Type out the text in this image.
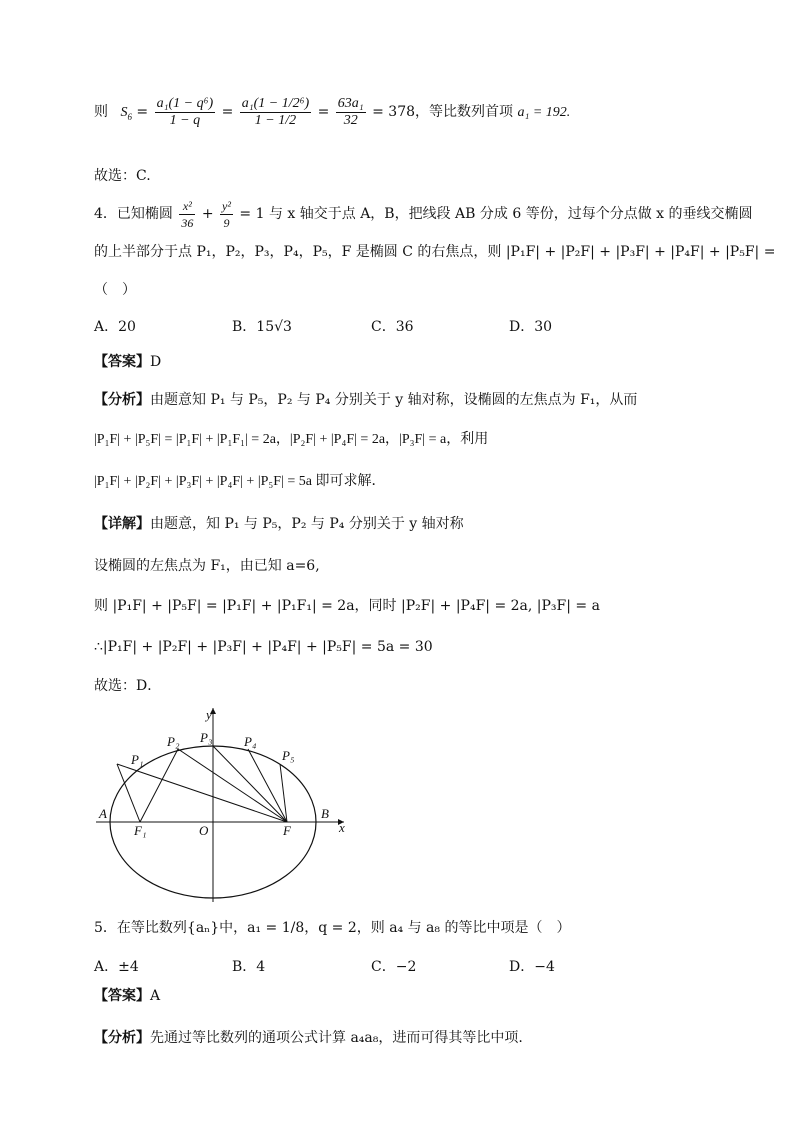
则 $S_6 = \frac{\text{a₁(1 − q⁶)}}{1 - q} = \frac{\text{a₁(1 − 1/2⁶)}}{1 - 1/2} = \frac{\text{63a₁}}{32} = 378$，等比数列首项 a₁ = 192.
故选：C.
4．已知椭圆 $\frac{\text{x²}}{36} + \frac{\text{y²}}{9} = 1$ 与 x 轴交于点 A，B，把线段 AB 分成 6 等份，过每个分点做 x 的垂线交椭圆
的上半部分于点 P₁，P₂，P₃，P₄，P₅，F 是椭圆 C 的右焦点，则 |P₁F| + |P₂F| + |P₃F| + |P₄F| + |P₅F| =
（　）
A．20	B．15√3	C．36	D．30
【答案】D
【分析】由题意知 P₁ 与 P₅，P₂ 与 P₄ 分别关于 y 轴对称，设椭圆的左焦点为 F₁，从而
|P₁F| + |P₅F| = |P₁F| + |P₁F₁| = 2a，|P₂F| + |P₄F| = 2a，|P₃F| = a，利用
|P₁F| + |P₂F| + |P₃F| + |P₄F| + |P₅F| = 5a 即可求解．
【详解】由题意，知 P₁ 与 P₅，P₂ 与 P₄ 分别关于 y 轴对称
设椭圆的左焦点为 F₁，由已知 a=6,
则 |P₁F| + |P₅F| = |P₁F| + |P₁F₁| = 2a，同时 |P₂F| + |P₄F| = 2a, |P₃F| = a
∴|P₁F| + |P₂F| + |P₃F| + |P₄F| + |P₅F| = 5a = 30
故选：D．
y
x
A	B
O	F
F₁
P₁
P₂ P₃ P₄
P₅
5．在等比数列{aₙ}中，a₁ = 1/8，q = 2，则 a₄ 与 a₈ 的等比中项是（　）
A．±4	B．4	C．−2	D．−4
【答案】A
【分析】先通过等比数列的通项公式计算 a₄a₈，进而可得其等比中项.
